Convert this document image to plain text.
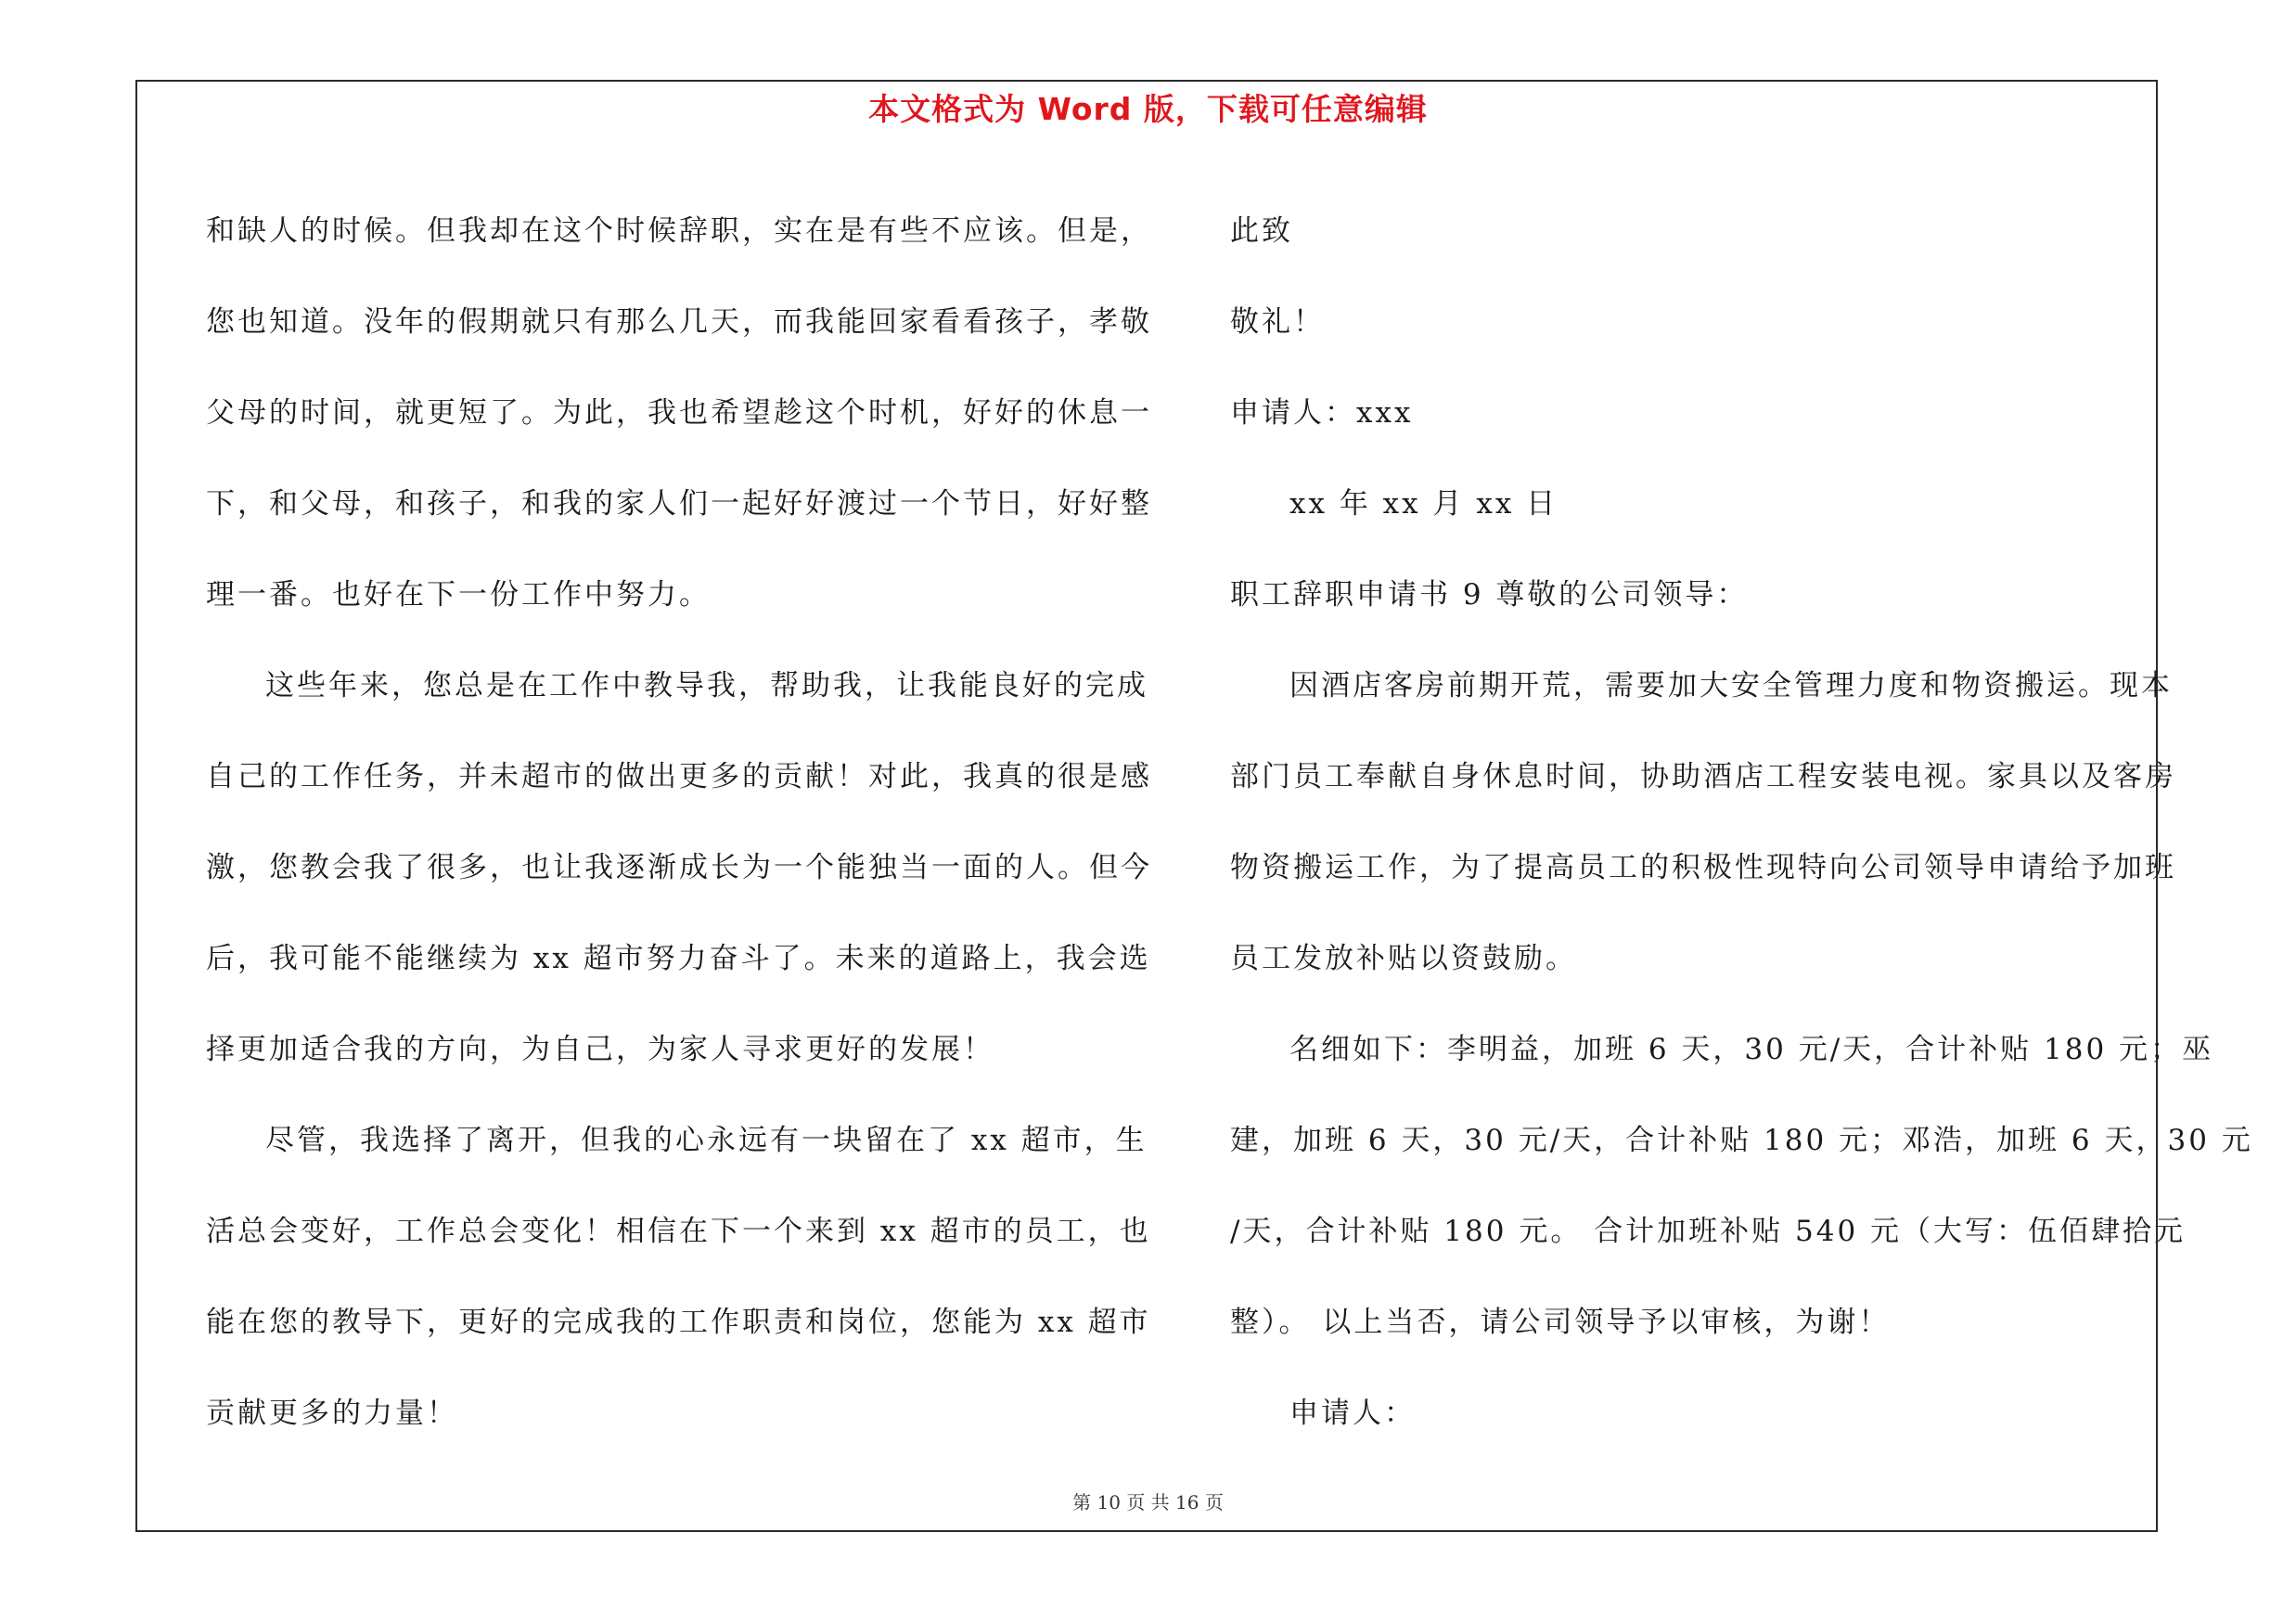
本文格式为 Word 版，下载可任意编辑
和缺人的时候。但我却在这个时候辞职，实在是有些不应该。但是，
您也知道。没年的假期就只有那么几天，而我能回家看看孩子，孝敬
父母的时间，就更短了。为此，我也希望趁这个时机，好好的休息一
下，和父母，和孩子，和我的家人们一起好好渡过一个节日，好好整
理一番。也好在下一份工作中努力。
这些年来，您总是在工作中教导我，帮助我，让我能良好的完成
自己的工作任务，并未超市的做出更多的贡献！对此，我真的很是感
激，您教会我了很多，也让我逐渐成长为一个能独当一面的人。但今
后，我可能不能继续为 xx 超市努力奋斗了。未来的道路上，我会选
择更加适合我的方向，为自己，为家人寻求更好的发展！
尽管，我选择了离开，但我的心永远有一块留在了 xx 超市，生
活总会变好，工作总会变化！相信在下一个来到 xx 超市的员工，也
能在您的教导下，更好的完成我的工作职责和岗位，您能为 xx 超市
贡献更多的力量！
此致
敬礼！
申请人：xxx
xx 年 xx 月 xx 日
职工辞职申请书 9 尊敬的公司领导：
因酒店客房前期开荒，需要加大安全管理力度和物资搬运。现本
部门员工奉献自身休息时间，协助酒店工程安装电视。家具以及客房
物资搬运工作，为了提高员工的积极性现特向公司领导申请给予加班
员工发放补贴以资鼓励。
名细如下：李明益，加班 6 天，30 元/天，合计补贴 180 元；巫
建，加班 6 天，30 元/天，合计补贴 180 元；邓浩，加班 6 天，30 元
/天，合计补贴 180 元。 合计加班补贴 540 元（大写：伍佰肆拾元
整）。 以上当否，请公司领导予以审核，为谢！
申请人：
第 10 页 共 16 页
